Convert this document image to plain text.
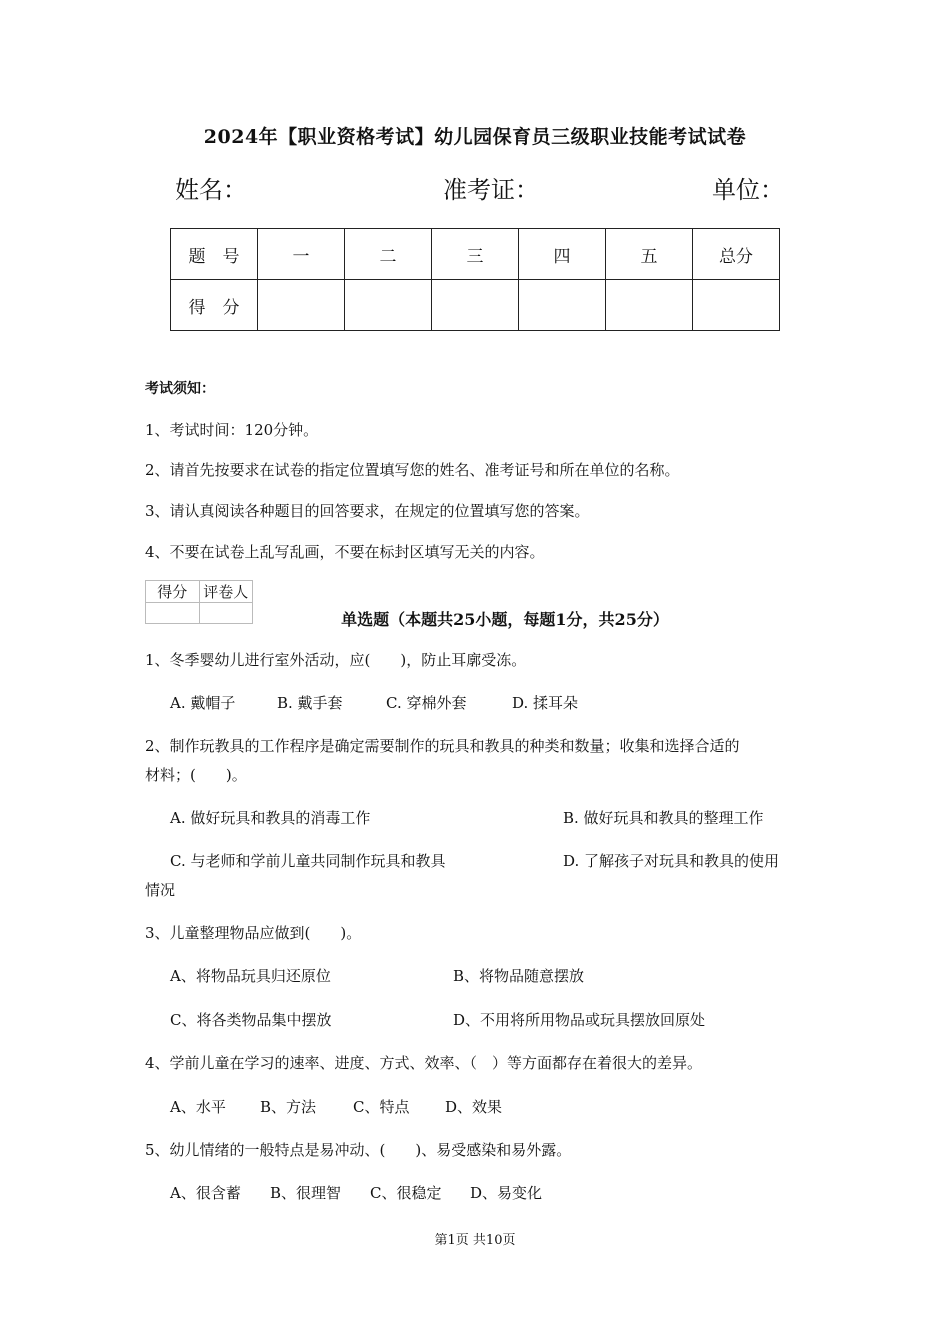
2024年【职业资格考试】幼儿园保育员三级职业技能考试试卷
姓名：	准考证：	单位：
题　号	一	二	三	四	五	总分
得　分						
考试须知：
1、考试时间：120分钟。
2、请首先按要求在试卷的指定位置填写您的姓名、准考证号和所在单位的名称。
3、请认真阅读各种题目的回答要求，在规定的位置填写您的答案。
4、不要在试卷上乱写乱画，不要在标封区填写无关的内容。
得分	评卷人

单选题（本题共25小题，每题1分，共25分）
1、冬季婴幼儿进行室外活动，应(　　)，防止耳廓受冻。
A. 戴帽子	B. 戴手套	C. 穿棉外套	D. 揉耳朵
2、制作玩教具的工作程序是确定需要制作的玩具和教具的种类和数量；收集和选择合适的
材料；(　　)。
A. 做好玩具和教具的消毒工作	B. 做好玩具和教具的整理工作
C. 与老师和学前儿童共同制作玩具和教具	D. 了解孩子对玩具和教具的使用
情况
3、儿童整理物品应做到(　　)。
A、将物品玩具归还原位	B、将物品随意摆放
C、将各类物品集中摆放	D、不用将所用物品或玩具摆放回原处
4、学前儿童在学习的速率、进度、方式、效率、（　）等方面都存在着很大的差异。
A、水平 B、方法 C、特点 D、效果
5、幼儿情绪的一般特点是易冲动、(　　)、易受感染和易外露。
A、很含蓄 B、很理智 C、很稳定 D、易变化
第1页 共10页
